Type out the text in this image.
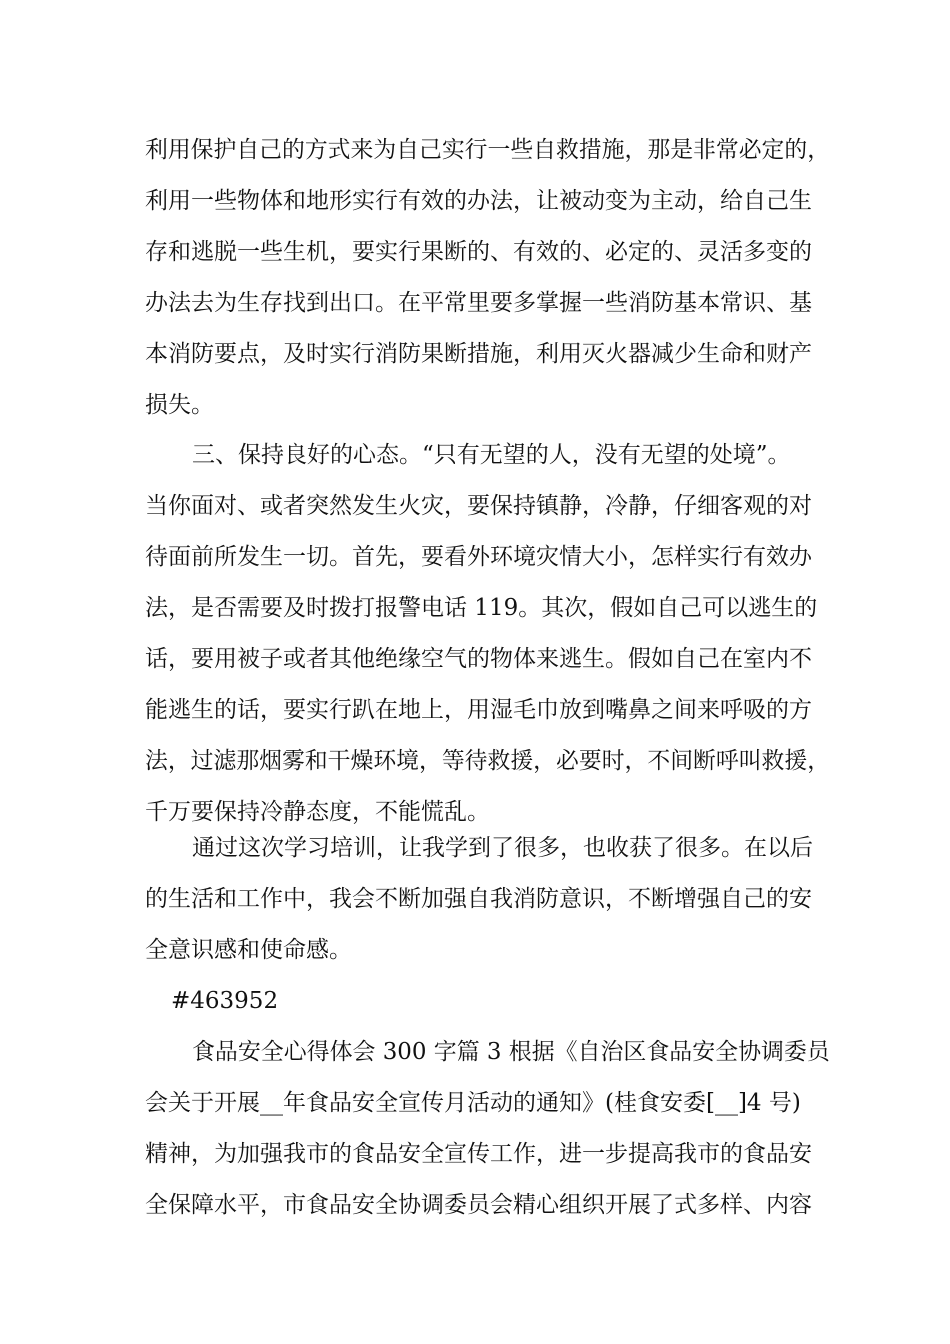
利用保护自己的方式来为自己实行一些自救措施，那是非常必定的，
利用一些物体和地形实行有效的办法，让被动变为主动，给自己生
存和逃脱一些生机，要实行果断的、有效的、必定的、灵活多变的
办法去为生存找到出口。在平常里要多掌握一些消防基本常识、基
本消防要点，及时实行消防果断措施，利用灭火器减少生命和财产
损失。
三、保持良好的心态。“只有无望的人，没有无望的处境”。
当你面对、或者突然发生火灾，要保持镇静，冷静，仔细客观的对
待面前所发生一切。首先，要看外环境灾情大小，怎样实行有效办
法，是否需要及时拨打报警电话 119。其次，假如自己可以逃生的
话，要用被子或者其他绝缘空气的物体来逃生。假如自己在室内不
能逃生的话，要实行趴在地上，用湿毛巾放到嘴鼻之间来呼吸的方
法，过滤那烟雾和干燥环境，等待救援，必要时，不间断呼叫救援，
千万要保持冷静态度，不能慌乱。
通过这次学习培训，让我学到了很多，也收获了很多。在以后
的生活和工作中，我会不断加强自我消防意识，不断增强自己的安
全意识感和使命感。
#463952
食品安全心得体会 300 字篇 3 根据《自治区食品安全协调委员
会关于开展__年食品安全宣传月活动的通知》(桂食安委[__]4 号)
精神，为加强我市的食品安全宣传工作，进一步提高我市的食品安
全保障水平，市食品安全协调委员会精心组织开展了式多样、内容
